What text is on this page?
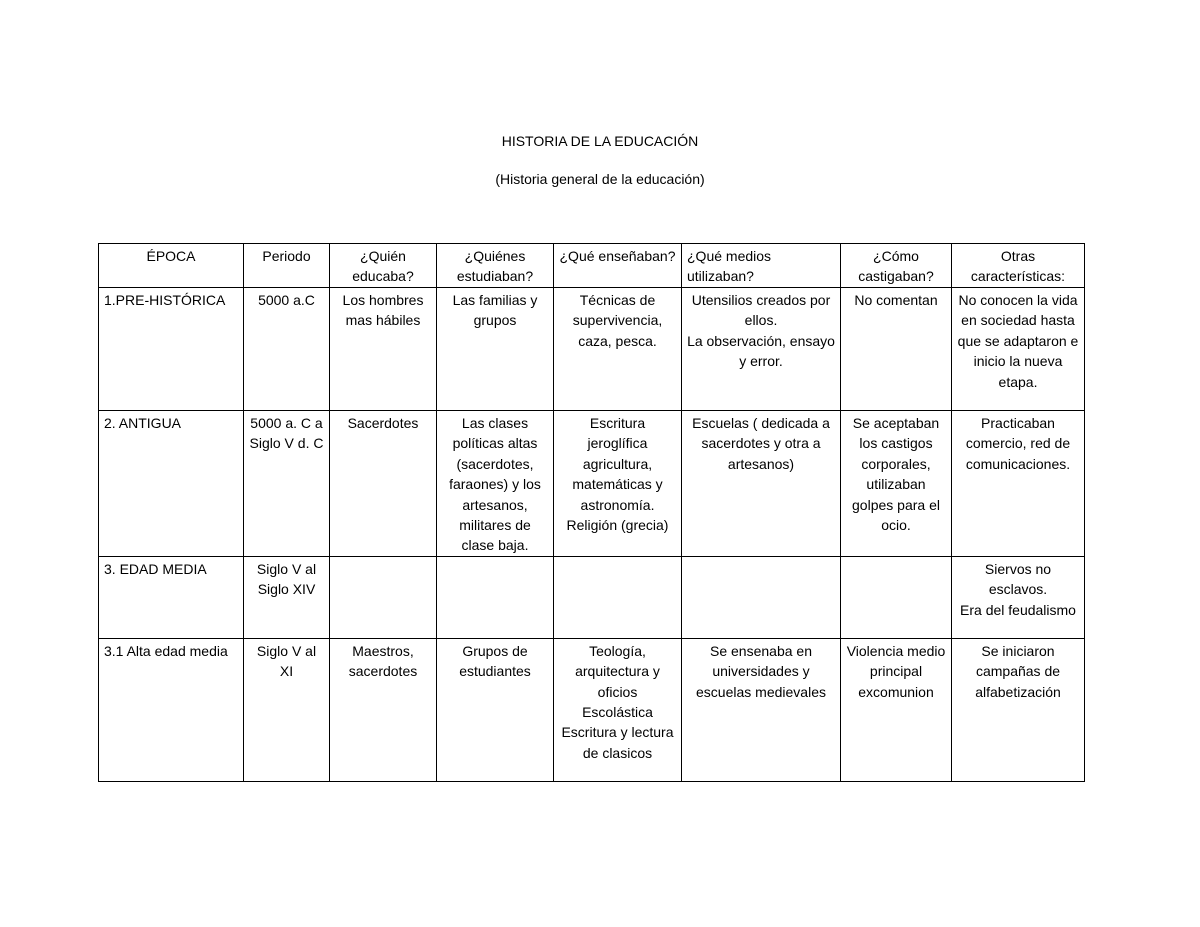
HISTORIA DE LA EDUCACIÓN
(Historia general de la educación)
ÉPOCA	Periodo	¿Quién educaba?	¿Quiénes estudiaban?	¿Qué enseñaban?	¿Qué medios utilizaban?	¿Cómo castigaban?	Otras características:
1.PRE-HISTÓRICA	5000 a.C	Los hombres mas hábiles	Las familias y grupos	Técnicas de supervivencia, caza, pesca.	Utensilios creados por ellos.
La observación, ensayo y error.	No comentan	No conocen la vida en sociedad hasta que se adaptaron e inicio la nueva etapa.
2. ANTIGUA	5000 a. C a Siglo V d. C	Sacerdotes	Las clases políticas altas (sacerdotes, faraones) y los artesanos, militares de clase baja.	Escritura jeroglífica agricultura, matemáticas y astronomía. Religión (grecia)	Escuelas ( dedicada a sacerdotes y otra a artesanos)	Se aceptaban los castigos corporales, utilizaban golpes para el ocio.	Practicaban comercio, red de comunicaciones.
3. EDAD MEDIA	Siglo V al Siglo XIV						Siervos no esclavos.
Era del feudalismo
3.1 Alta edad media	Siglo V al XI	Maestros, sacerdotes	Grupos de estudiantes	Teología, arquitectura y oficios
Escolástica
Escritura y lectura de clasicos	Se ensenaba en universidades y escuelas medievales	Violencia medio principal excomunion	Se iniciaron campañas de alfabetización
